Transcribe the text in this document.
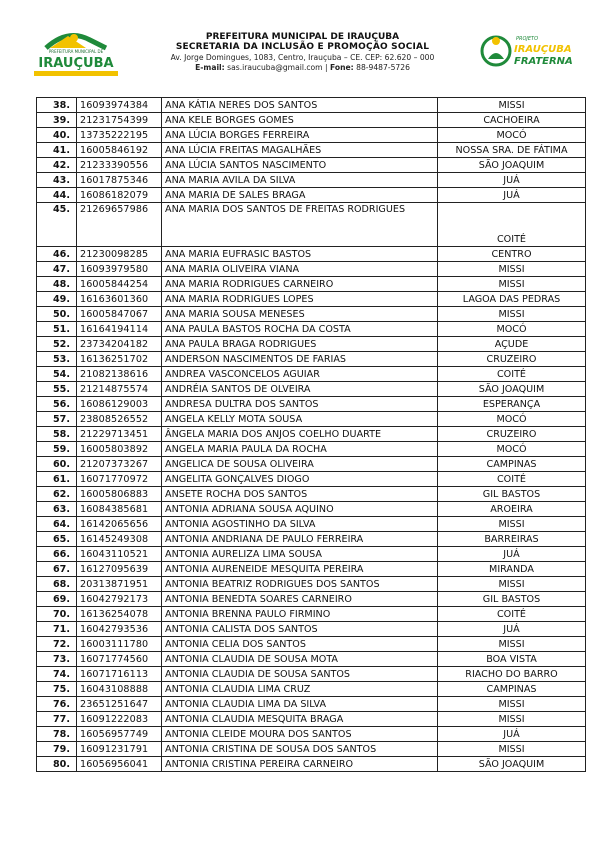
PREFEITURA MUNICIPAL DE
IRAUÇUBA
PREFEITURA MUNICIPAL DE IRAUÇUBA
SECRETARIA DA INCLUSÃO E PROMOÇÃO SOCIAL
Av. Jorge Domingues, 1083, Centro, Irauçuba – CE. CEP: 62.620 – 000
E-mail: sas.iraucuba@gmail.com | Fone: 88-9487-5726
PROJETO
IRAUÇUBA
FRATERNA
38.	16093974384	ANA KÁTIA NERES DOS SANTOS	MISSI
39.	21231754399	ANA KELE BORGES GOMES	CACHOEIRA
40.	13735222195	ANA LÚCIA BORGES FERREIRA	MOCÓ
41.	16005846192	ANA LÚCIA FREITAS MAGALHÃES	NOSSA SRA. DE FÁTIMA
42.	21233390556	ANA LÚCIA SANTOS NASCIMENTO	SÃO JOAQUIM
43.	16017875346	ANA MARIA AVILA DA SILVA	JUÁ
44.	16086182079	ANA MARIA DE SALES BRAGA	JUÁ
45.	21269657986	ANA MARIA DOS SANTOS DE FREITAS RODRIGUES	COITÉ
46.	21230098285	ANA MARIA EUFRASIC BASTOS	CENTRO
47.	16093979580	ANA MARIA OLIVEIRA VIANA	MISSI
48.	16005844254	ANA MARIA RODRIGUES CARNEIRO	MISSI
49.	16163601360	ANA MARIA RODRIGUES LOPES	LAGOA DAS PEDRAS
50.	16005847067	ANA MARIA SOUSA MENESES	MISSI
51.	16164194114	ANA PAULA BASTOS ROCHA DA COSTA	MOCÓ
52.	23734204182	ANA PAULA BRAGA RODRIGUES	AÇUDE
53.	16136251702	ANDERSON NASCIMENTOS DE FARIAS	CRUZEIRO
54.	21082138616	ANDREA VASCONCELOS AGUIAR	COITÉ
55.	21214875574	ANDRÉIA SANTOS DE OLVEIRA	SÃO JOAQUIM
56.	16086129003	ANDRESA DULTRA DOS SANTOS	ESPERANÇA
57.	23808526552	ANGELA KELLY MOTA SOUSA	MOCÓ
58.	21229713451	ÂNGELA MARIA DOS ANJOS COELHO DUARTE	CRUZEIRO
59.	16005803892	ANGELA MARIA PAULA DA ROCHA	MOCÓ
60.	21207373267	ANGELICA DE SOUSA OLIVEIRA	CAMPINAS
61.	16071770972	ANGELITA GONÇALVES DIOGO	COITÉ
62.	16005806883	ANSETE ROCHA DOS SANTOS	GIL BASTOS
63.	16084385681	ANTONIA ADRIANA SOUSA AQUINO	AROEIRA
64.	16142065656	ANTONIA AGOSTINHO DA SILVA	MISSI
65.	16145249308	ANTONIA ANDRIANA DE PAULO FERREIRA	BARREIRAS
66.	16043110521	ANTONIA AURELIZA LIMA SOUSA	JUÁ
67.	16127095639	ANTONIA AURENEIDE MESQUITA PEREIRA	MIRANDA
68.	20313871951	ANTONIA BEATRIZ RODRIGUES DOS SANTOS	MISSI
69.	16042792173	ANTONIA BENEDTA SOARES CARNEIRO	GIL BASTOS
70.	16136254078	ANTONIA BRENNA PAULO FIRMINO	COITÉ
71.	16042793536	ANTONIA CALISTA DOS SANTOS	JUÁ
72.	16003111780	ANTONIA CELIA DOS SANTOS	MISSI
73.	16071774560	ANTONIA CLAUDIA DE SOUSA MOTA	BOA VISTA
74.	16071716113	ANTONIA CLAUDIA DE SOUSA SANTOS	RIACHO DO BARRO
75.	16043108888	ANTONIA CLAUDIA LIMA CRUZ	CAMPINAS
76.	23651251647	ANTONIA CLAUDIA LIMA DA SILVA	MISSI
77.	16091222083	ANTONIA CLAUDIA MESQUITA BRAGA	MISSI
78.	16056957749	ANTONIA CLEIDE MOURA DOS SANTOS	JUÁ
79.	16091231791	ANTONIA CRISTINA DE SOUSA DOS SANTOS	MISSI
80.	16056956041	ANTONIA CRISTINA PEREIRA CARNEIRO	SÃO JOAQUIM
